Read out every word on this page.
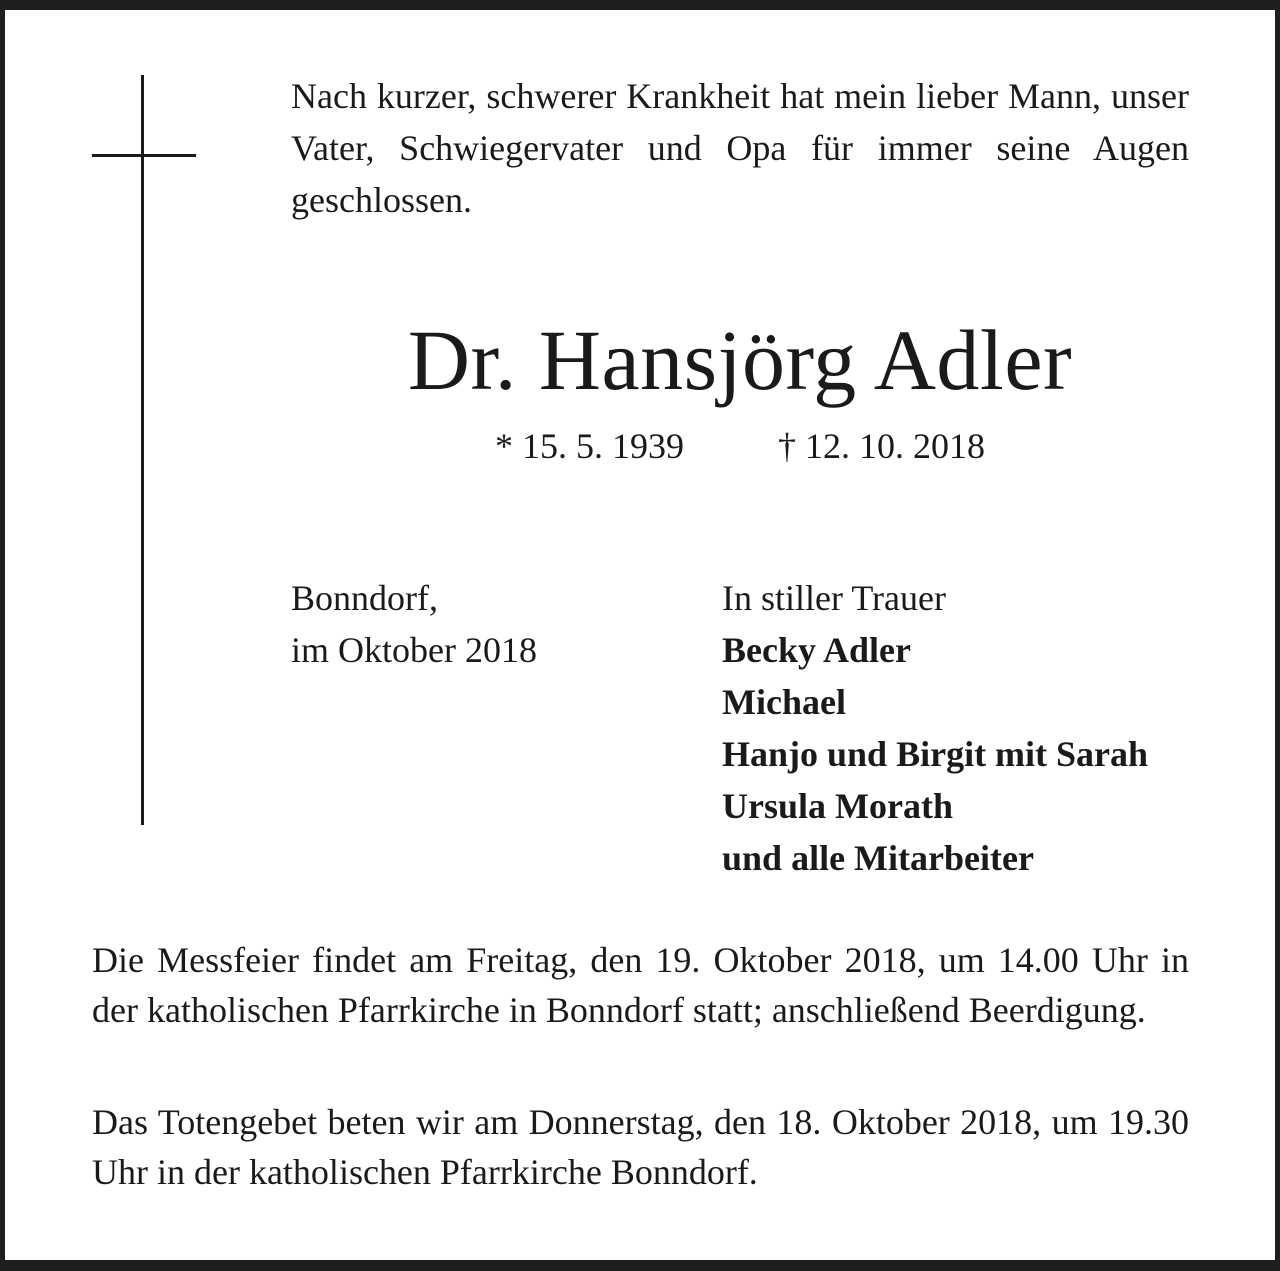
Nach kurzer, schwerer Krankheit hat mein lieber Mann, unser Vater, Schwiegervater und Opa für immer seine Augen geschlossen.

Dr. Hansjörg Adler
* 15. 5. 1939	† 12. 10. 2018
Bonndorf,
im Oktober 2018
In stiller Trauer
Becky Adler
Michael
Hanjo und Birgit mit Sarah
Ursula Morath
und alle Mitarbeiter

Die Messfeier findet am Freitag, den 19. Oktober 2018, um 14.00 Uhr in der katholischen Pfarrkirche in Bonndorf statt; anschließend Beerdigung.

Das Totengebet beten wir am Donnerstag, den 18. Oktober 2018, um 19.30 Uhr in der katholischen Pfarrkirche Bonndorf.
